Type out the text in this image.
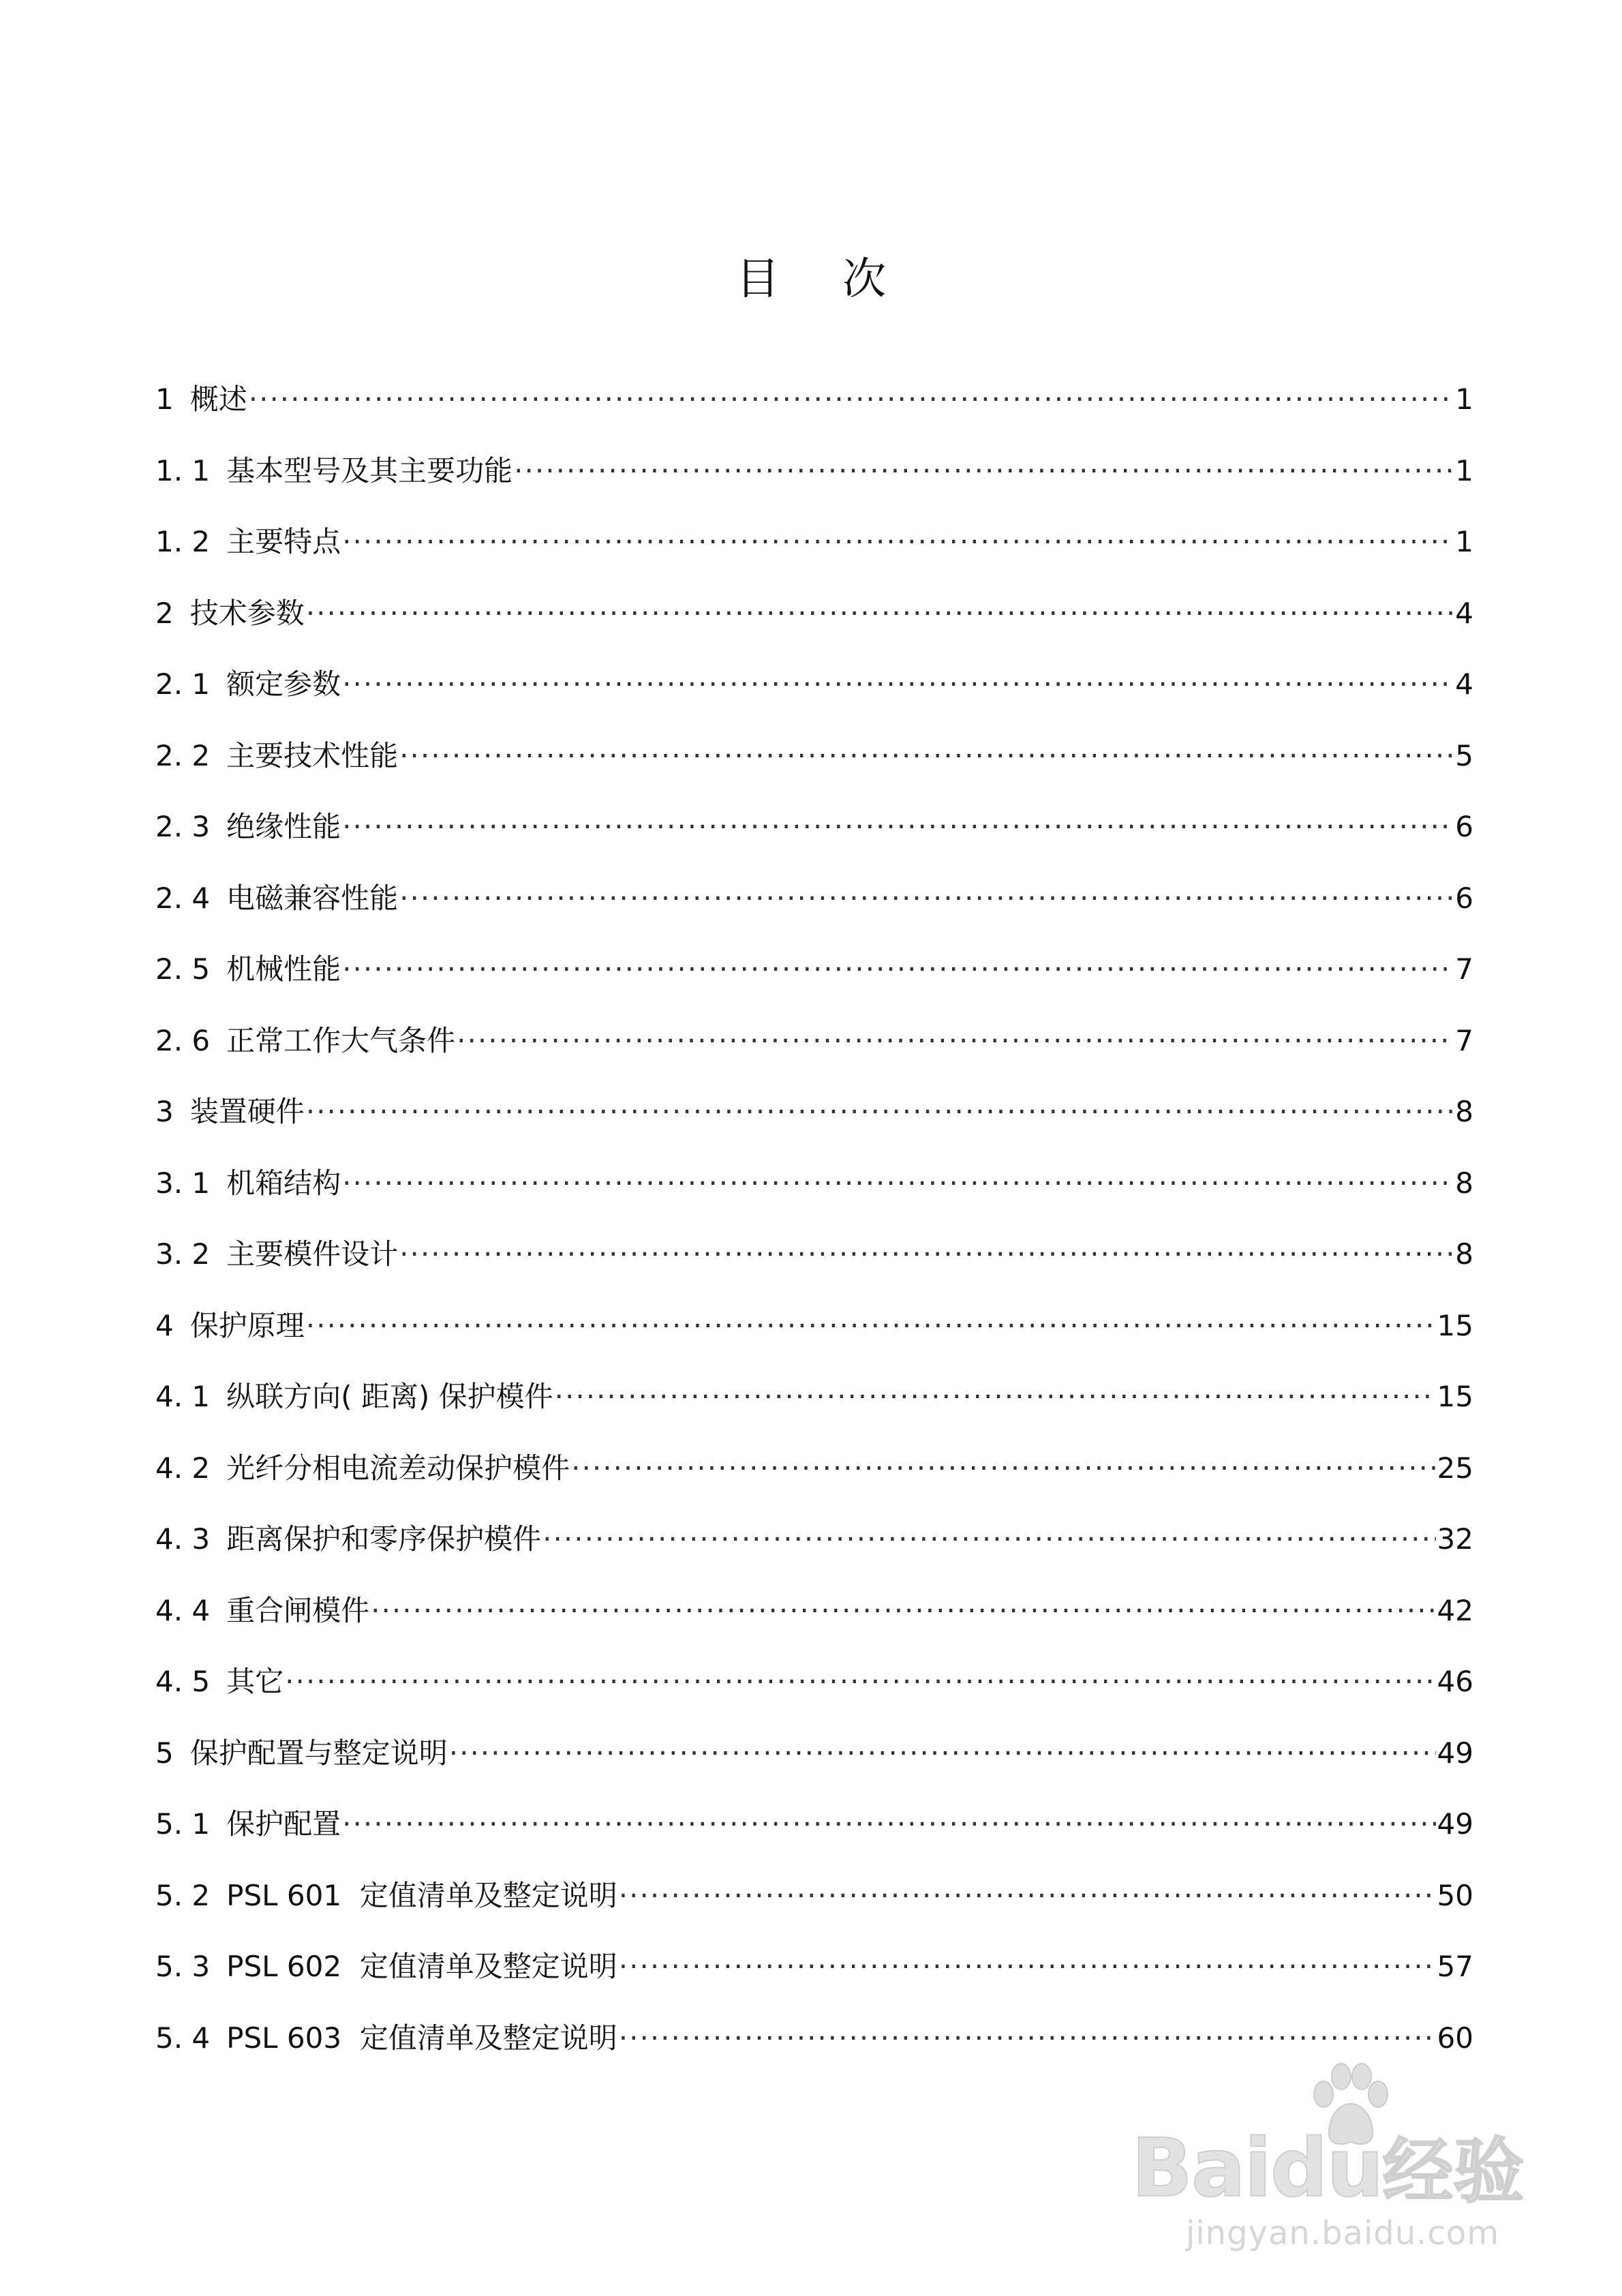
目 次
1 概述 ·····	1
1. 1 基本型号及其主要功能 ·····	1
1. 2 主要特点 ·····	1
2 技术参数 ·····	4
2. 1 额定参数 ·····	4
2. 2 主要技术性能 ·····	5
2. 3 绝缘性能 ·····	6
2. 4 电磁兼容性能 ·····	6
2. 5 机械性能 ·····	7
2. 6 正常工作大气条件 ·····	7
3 装置硬件 ·····	8
3. 1 机箱结构 ·····	8
3. 2 主要模件设计 ·····	8
4 保护原理 ·····	15
4. 1 纵联方向( 距离) 保护模件 ·····	15
4. 2 光纤分相电流差动保护模件 ·····	25
4. 3 距离保护和零序保护模件 ·····	32
4. 4 重合闸模件 ·····	42
4. 5 其它 ·····	46
5 保护配置与整定说明 ·····	49
5. 1 保护配置 ·····	49
5. 2 PSL 601  定值清单及整定说明 ·····	50
5. 3 PSL 602  定值清单及整定说明 ·····	57
5. 4 PSL 603  定值清单及整定说明 ·····	60
Baidu经验
jingyan.baidu.com
